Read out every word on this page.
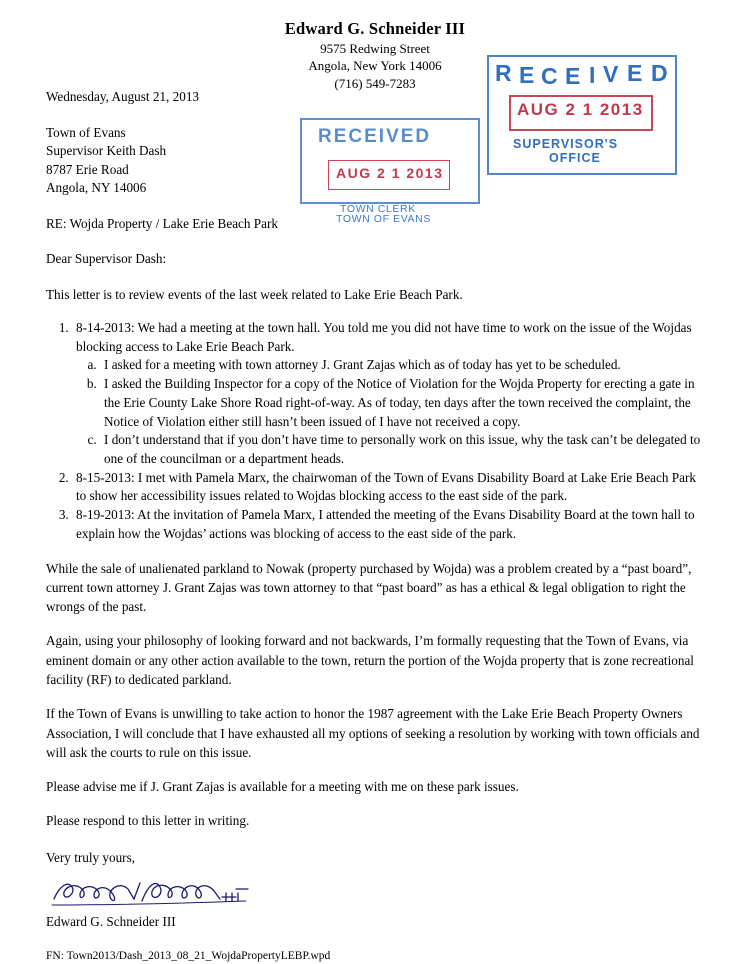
Edward G. Schneider III
9575 Redwing Street
Angola, New York 14006
(716) 549-7283
Wednesday, August 21, 2013
Town of Evans
Supervisor Keith Dash
8787 Erie Road
Angola, NY 14006
RE: Wojda Property / Lake Erie Beach Park
Dear Supervisor Dash:
This letter is to review events of the last week related to Lake Erie Beach Park.
1. 8-14-2013: We had a meeting at the town hall. You told me you did not have time to work on the issue of the Wojdas blocking access to Lake Erie Beach Park.
a. I asked for a meeting with town attorney J. Grant Zajas which as of today has yet to be scheduled.
b. I asked the Building Inspector for a copy of the Notice of Violation for the Wojda Property for erecting a gate in the Erie County Lake Shore Road right-of-way. As of today, ten days after the town received the complaint, the Notice of Violation either still hasn’t been issued of I have not received a copy.
c. I don’t understand that if you don’t have time to personally work on this issue, why the task can’t be delegated to one of the councilman or a department heads.
2. 8-15-2013: I met with Pamela Marx, the chairwoman of the Town of Evans Disability Board at Lake Erie Beach Park to show her accessibility issues related to Wojdas blocking access to the east side of the park.
3. 8-19-2013: At the invitation of Pamela Marx, I attended the meeting of the Evans Disability Board at the town hall to explain how the Wojdas’ actions was blocking of access to the east side of the park.
While the sale of unalienated parkland to Nowak (property purchased by Wojda) was a problem created by a “past board”, current town attorney J. Grant Zajas was town attorney to that “past board” as has a ethical & legal obligation to right the wrongs of the past.
Again, using your philosophy of looking forward and not backwards, I’m formally requesting that the Town of Evans, via eminent domain or any other action available to the town, return the portion of the Wojda property that is zone recreational facility (RF) to dedicated parkland.
If the Town of Evans is unwilling to take action to honor the 1987 agreement with the Lake Erie Beach Property Owners Association, I will conclude that I have exhausted all my options of seeking a resolution by working with town officials and will ask the courts to rule on this issue.
Please advise me if J. Grant Zajas is available for a meeting with me on these park issues.
Please respond to this letter in writing.
Very truly yours,
Edward G. Schneider III
FN: Town2013/Dash_2013_08_21_WojdaPropertyLEBP.wpd
RECEIVED
AUG 2 1 2013
TOWN CLERK
TOWN OF EVANS
R E C E I V E D
AUG 2 1 2013
SUPERVISOR'S
OFFICE
